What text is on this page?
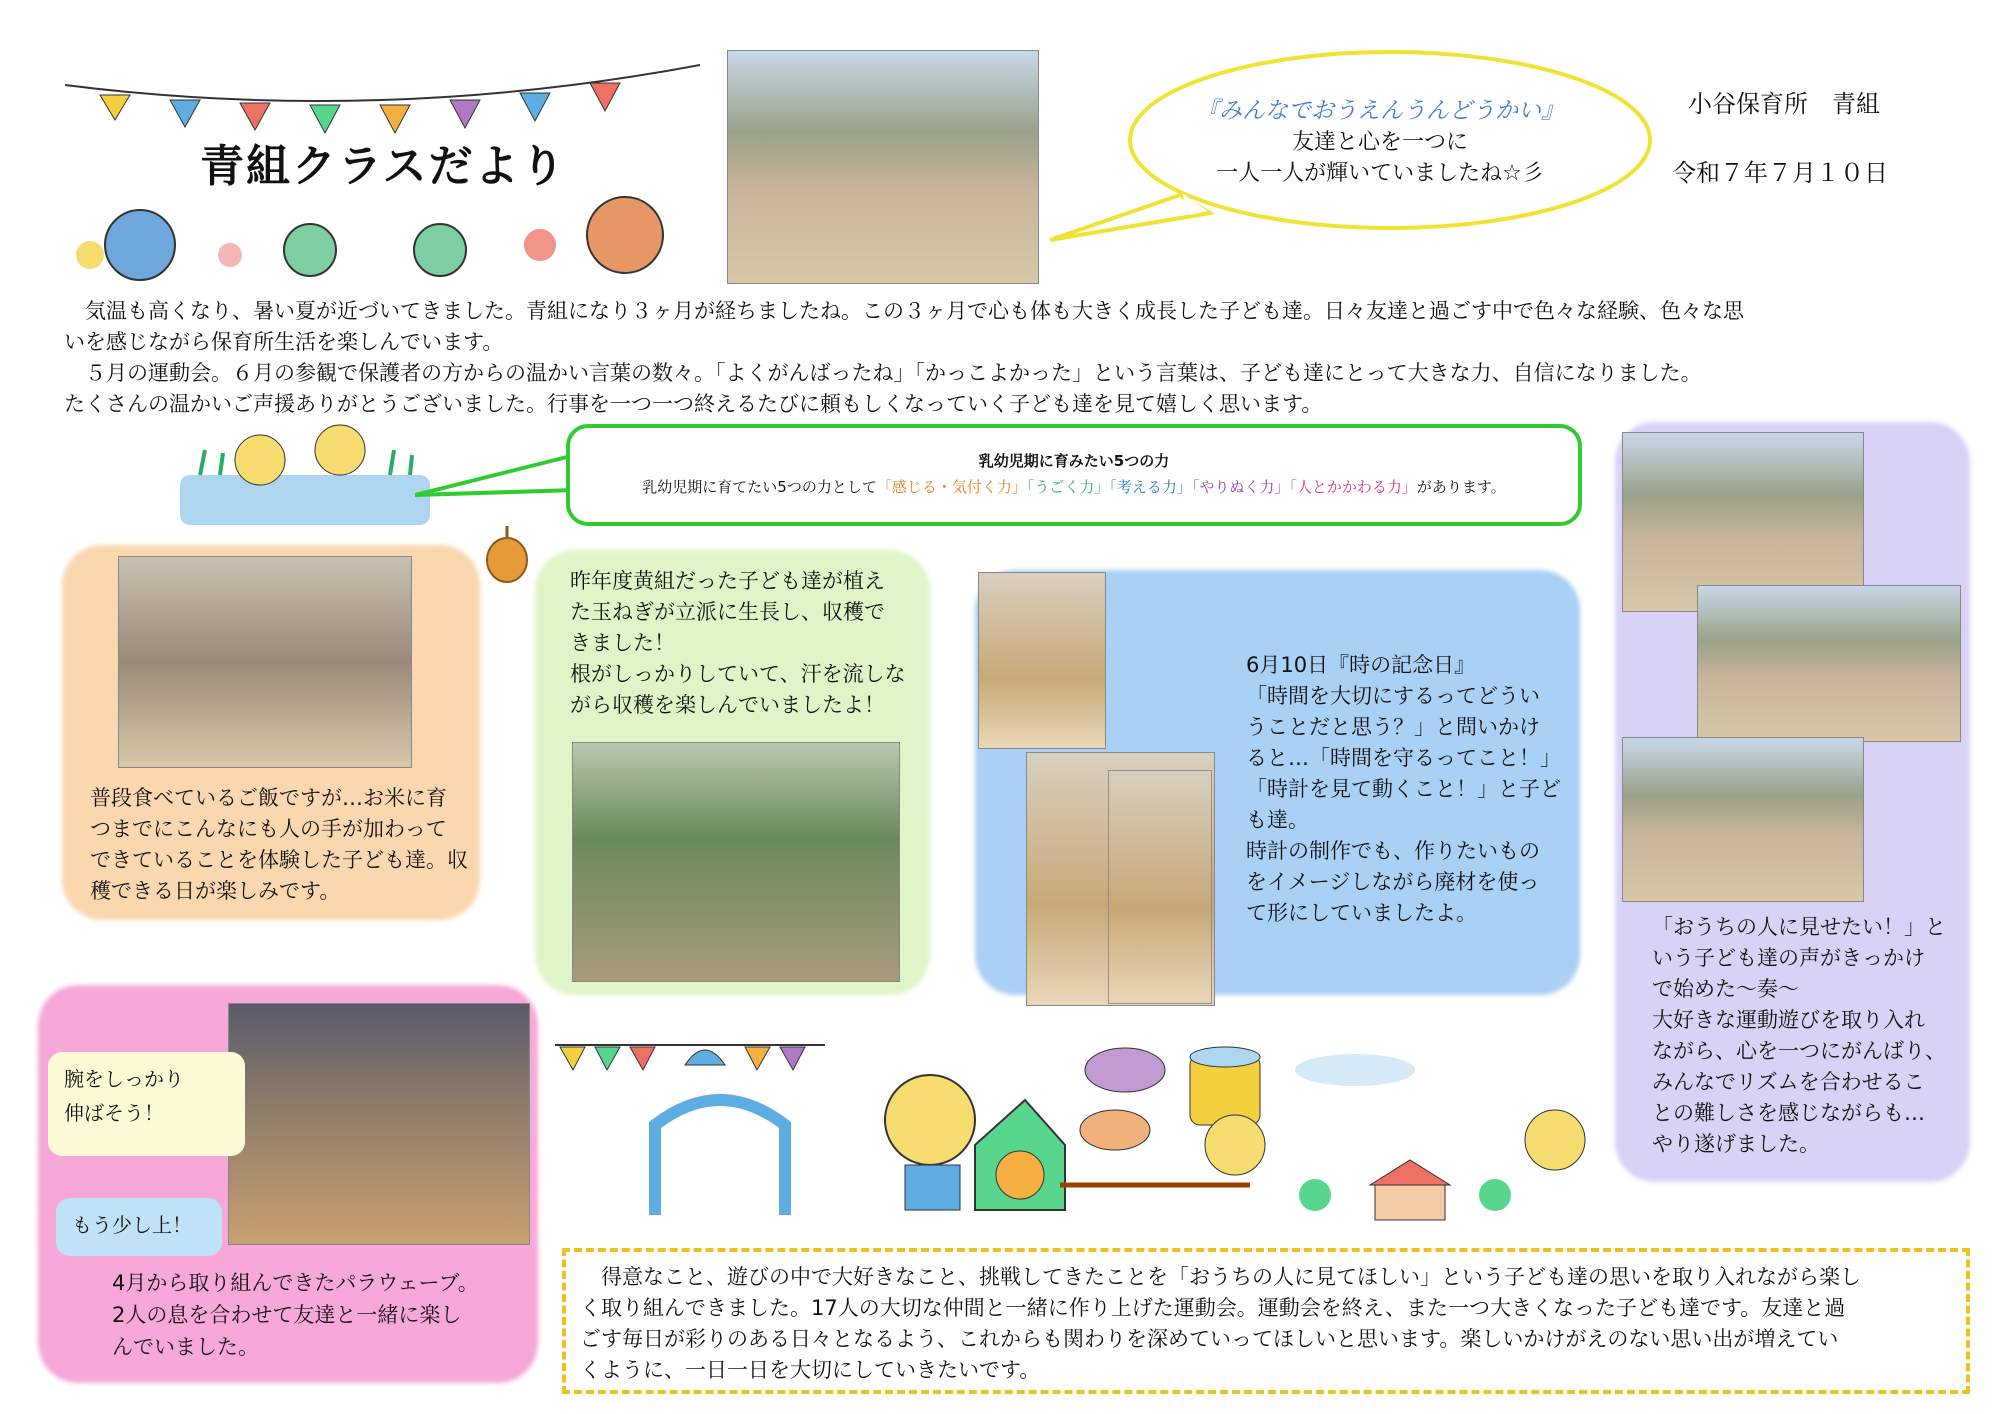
青組クラスだより
『みんなでおうえんうんどうかい』
友達と心を一つに
一人一人が輝いていましたね☆彡
小谷保育所　青組
令和７年７月１０日
　気温も高くなり、暑い夏が近づいてきました。青組になり３ヶ月が経ちましたね。この３ヶ月で心も体も大きく成長した子ども達。日々友達と過ごす中で色々な経験、色々な思
いを感じながら保育所生活を楽しんでいます。
　５月の運動会。６月の参観で保護者の方からの温かい言葉の数々。「よくがんばったね」「かっこよかった」という言葉は、子ども達にとって大きな力、自信になりました。
たくさんの温かいご声援ありがとうございました。行事を一つ一つ終えるたびに頼もしくなっていく子ども達を見て嬉しく思います。
乳幼児期に育みたい5つの力
乳幼児期に育てたい5つの力として「感じる・気付く力」「うごく力」「考える力」「やりぬく力」「人とかかわる力」があります。
普段食べているご飯ですが…お米に育
つまでにこんなにも人の手が加わって
できていることを体験した子ども達。収
穫できる日が楽しみです。
昨年度黄組だった子ども達が植え
た玉ねぎが立派に生長し、収穫で
きました！
根がしっかりしていて、汗を流しな
がら収穫を楽しんでいましたよ！
6月10日『時の記念日』
「時間を大切にするってどうい
うことだと思う？」と問いかけ
ると…「時間を守るってこと！」
「時計を見て動くこと！」と子ど
も達。
時計の制作でも、作りたいもの
をイメージしながら廃材を使っ
て形にしていましたよ。
「おうちの人に見せたい！」と
いう子ども達の声がきっかけ
で始めた～奏～
大好きな運動遊びを取り入れ
ながら、心を一つにがんばり、
みんなでリズムを合わせるこ
との難しさを感じながらも…
やり遂げました。
腕をしっかり
伸ばそう！
もう少し上！
4月から取り組んできたパラウェーブ。
2人の息を合わせて友達と一緒に楽し
んでいました。
　得意なこと、遊びの中で大好きなこと、挑戦してきたことを「おうちの人に見てほしい」という子ども達の思いを取り入れながら楽し
く取り組んできました。17人の大切な仲間と一緒に作り上げた運動会。運動会を終え、また一つ大きくなった子ども達です。友達と過
ごす毎日が彩りのある日々となるよう、これからも関わりを深めていってほしいと思います。楽しいかけがえのない思い出が増えてい
くように、一日一日を大切にしていきたいです。
